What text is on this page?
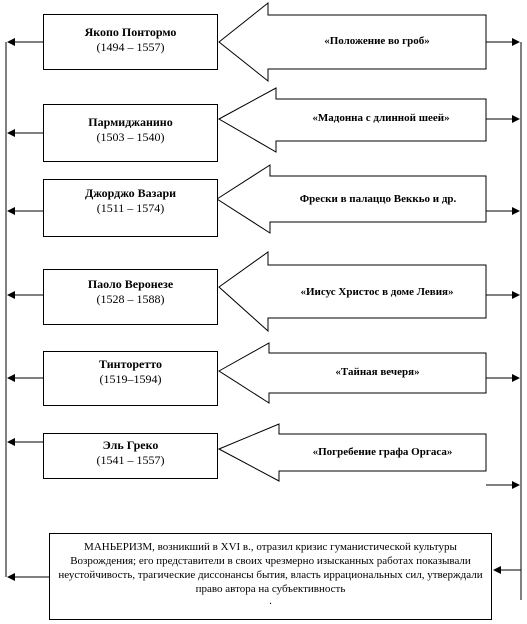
Якопо Понтормо
(1494 – 1557)
Пармиджанино
(1503 – 1540)
Джорджо Вазари
(1511 – 1574)
Паоло Веронезе
(1528 – 1588)
Тинторетто
(1519–1594)
Эль Греко
(1541 – 1557)
«Положение во гроб»
«Мадонна с длинной шеей»
Фрески в палаццо Веккьо и др.
«Иисус Христос в доме Левия»
«Тайная вечеря»
«Погребение графа Оргаса»
МАНЬЕРИЗМ, возникший в XVI в., отразил кризис гуманистической культуры Возрождения; его представители в своих чрезмерно изысканных работах показывали неустойчивость, трагические диссонансы бытия, власть иррациональных сил, утверждали право автора на субъективность
.
